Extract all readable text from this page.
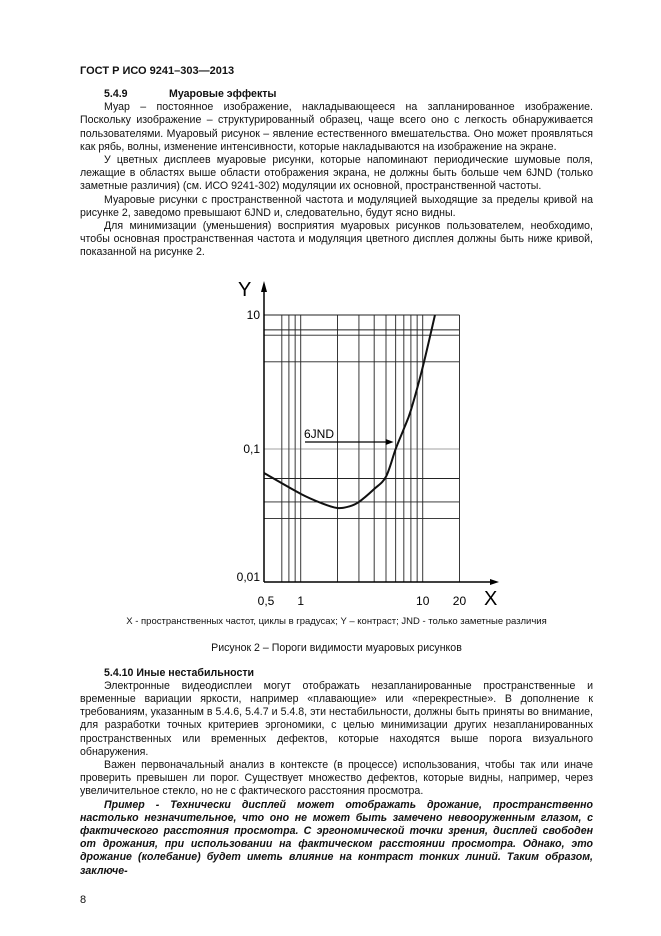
ГОСТ Р ИСО 9241–303—2013
5.4.9	Муаровые эффекты

Муар – постоянное изображение, накладывающееся на запланированное изображение. Поскольку изображение – структурированный образец, чаще всего оно с легкость обнаруживается пользователями. Муаровый рисунок – явление естественного вмешательства. Оно может проявляться как рябь, волны, изменение интенсивности, которые накладываются на изображение на экране.

У цветных дисплеев муаровые рисунки, которые напоминают периодические шумовые поля, лежащие в областях выше области отображения экрана, не должны быть больше чем 6JND (только заметные различия) (см. ИСО 9241-302) модуляции их основной, пространственной частоты.

Муаровые рисунки с пространственной частота и модуляцией выходящие за пределы кривой на рисунке 2, заведомо превышают 6JND и, следовательно, будут ясно видны.

Для минимизации (уменьшения) восприятия муаровых рисунков пользователем, необходимо, чтобы основная пространственная частота и модуляция цветного дисплея должны быть ниже кривой, показанной на рисунке 2.

Y
X
0,01
0,1
10
0,5 1	10 20
6JND
X - пространственных частот, циклы в градусах; Y – контраст; JND - только заметные различия
Рисунок 2 – Пороги видимости муаровых рисунков
5.4.10 Иные нестабильности

Электронные видеодисплеи могут отображать незапланированные пространственные и временные вариации яркости, например «плавающие» или «перекрестные». В дополнение к требованиям, указанным в 5.4.6, 5.4.7 и 5.4.8, эти нестабильности, должны быть приняты во внимание, для разработки точных критериев эргономики, с целью минимизации других незапланированных пространственных или временных дефектов, которые находятся выше порога визуального обнаружения.

Важен первоначальный анализ в контексте (в процессе) использования, чтобы так или иначе проверить превышен ли порог. Существует множество дефектов, которые видны, например, через увеличительное стекло, но не с фактического расстояния просмотра.

Пример - Технически дисплей может отображать дрожание, пространственно настолько незначительное, что оно не может быть замечено невооруженным глазом, с фактического расстояния просмотра. С эргономической точки зрения, дисплей свободен от дрожания, при использовании на фактическом расстоянии просмотра. Однако, это дрожание (колебание) будет иметь влияние на контраст тонких линий. Таким образом, заключе-

8
